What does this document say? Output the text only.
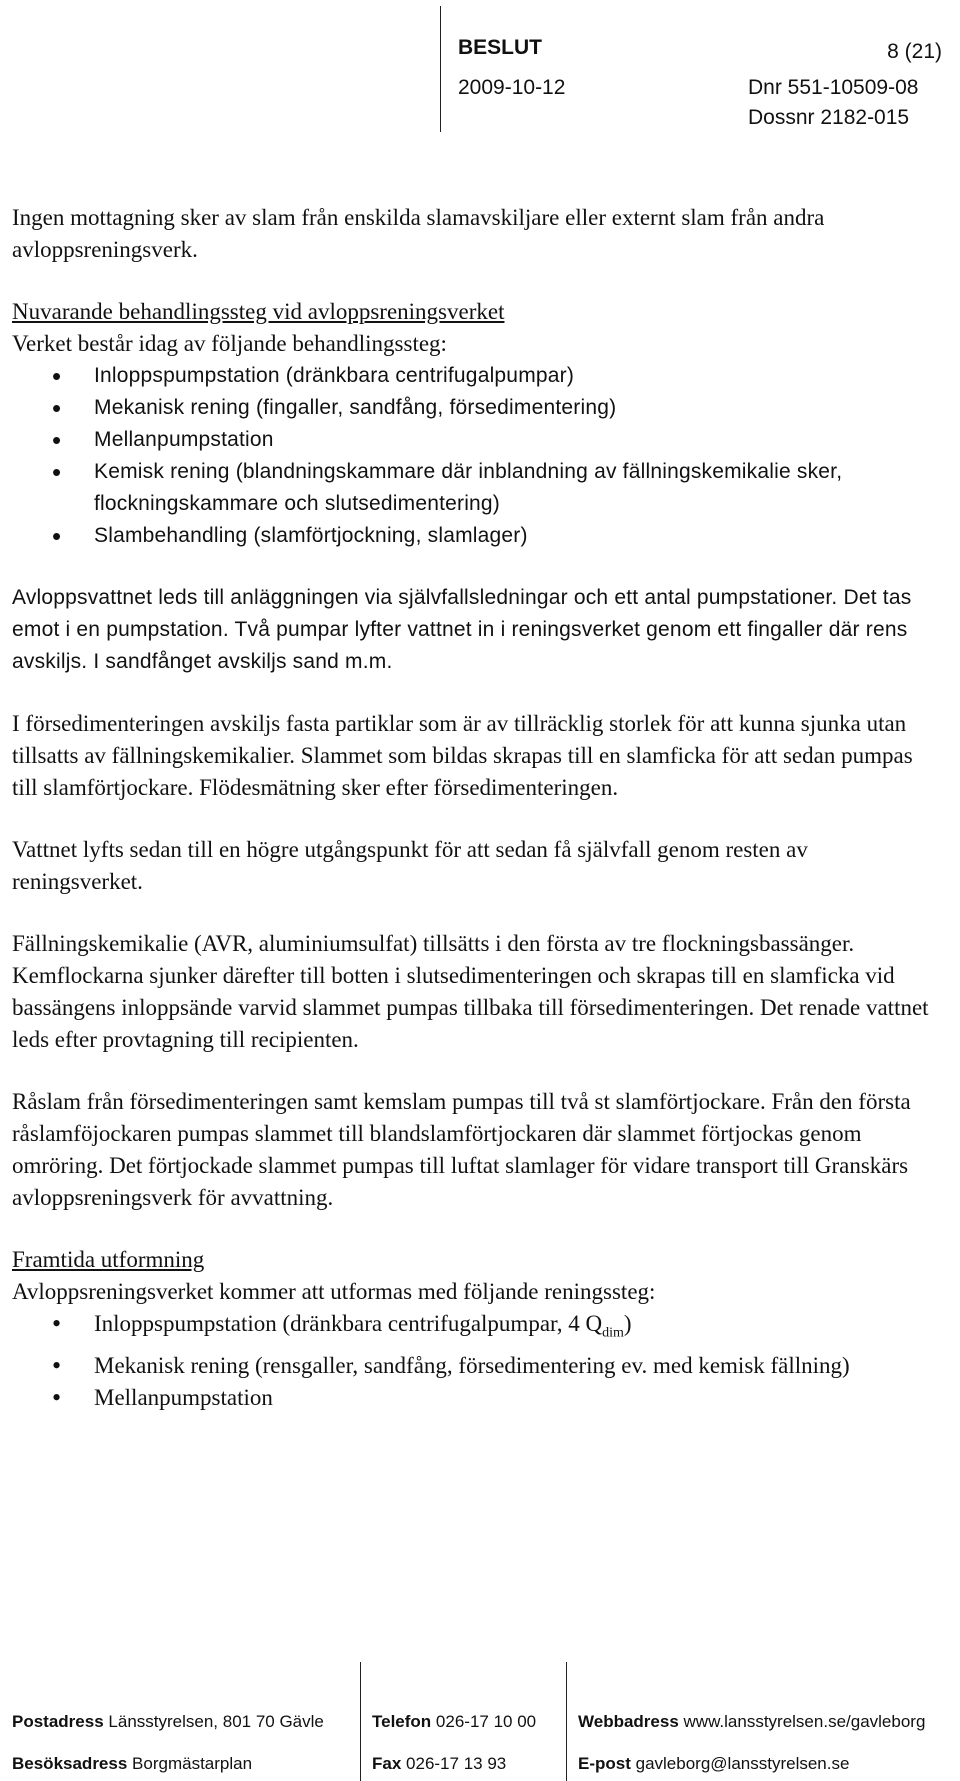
BESLUT	8 (21)
2009-10-12	Dnr 551-10509-08
Dossnr 2182-015

Ingen mottagning sker av slam från enskilda slamavskiljare eller externt slam från andra avloppsreningsverk.

Nuvarande behandlingssteg vid avloppsreningsverket

Verket består idag av följande behandlingssteg:

• Inloppspumpstation (dränkbara centrifugalpumpar)
• Mekanisk rening (fingaller, sandfång, försedimentering)
• Mellanpumpstation
• Kemisk rening (blandningskammare där inblandning av fällningskemikalie sker, flockningskammare och slutsedimentering)
• Slambehandling (slamförtjockning, slamlager)

Avloppsvattnet leds till anläggningen via självfallsledningar och ett antal pumpstationer. Det tas emot i en pumpstation. Två pumpar lyfter vattnet in i reningsverket genom ett fingaller där rens avskiljs. I sandfånget avskiljs sand m.m.

I försedimenteringen avskiljs fasta partiklar som är av tillräcklig storlek för att kunna sjunka utan tillsatts av fällningskemikalier. Slammet som bildas skrapas till en slamficka för att sedan pumpas till slamförtjockare. Flödesmätning sker efter försedimenteringen.

Vattnet lyfts sedan till en högre utgångspunkt för att sedan få självfall genom resten av reningsverket.

Fällningskemikalie (AVR, aluminiumsulfat) tillsätts i den första av tre flockningsbassänger. Kemflockarna sjunker därefter till botten i slutsedimenteringen och skrapas till en slamficka vid bassängens inloppsände varvid slammet pumpas tillbaka till försedimenteringen. Det renade vattnet leds efter provtagning till recipienten.

Råslam från försedimenteringen samt kemslam pumpas till två st slamförtjockare. Från den första råslamföjockaren pumpas slammet till blandslamförtjockaren där slammet förtjockas genom omröring. Det förtjockade slammet pumpas till luftat slamlager för vidare transport till Granskärs avloppsreningsverk för avvattning.

Framtida utformning

Avloppsreningsverket kommer att utformas med följande reningssteg:

• Inloppspumpstation (dränkbara centrifugalpumpar, 4 $Q_{dim}$)
• Mekanisk rening (rensgaller, sandfång, försedimentering ev. med kemisk fällning)
• Mellanpumpstation
Postadress Länsstyrelsen, 801 70 Gävle
Besöksadress Borgmästarplan
Telefon 026-17 10 00
Fax 026-17 13 93
Webbadress www.lansstyrelsen.se/gavleborg
E-post gavleborg@lansstyrelsen.se
